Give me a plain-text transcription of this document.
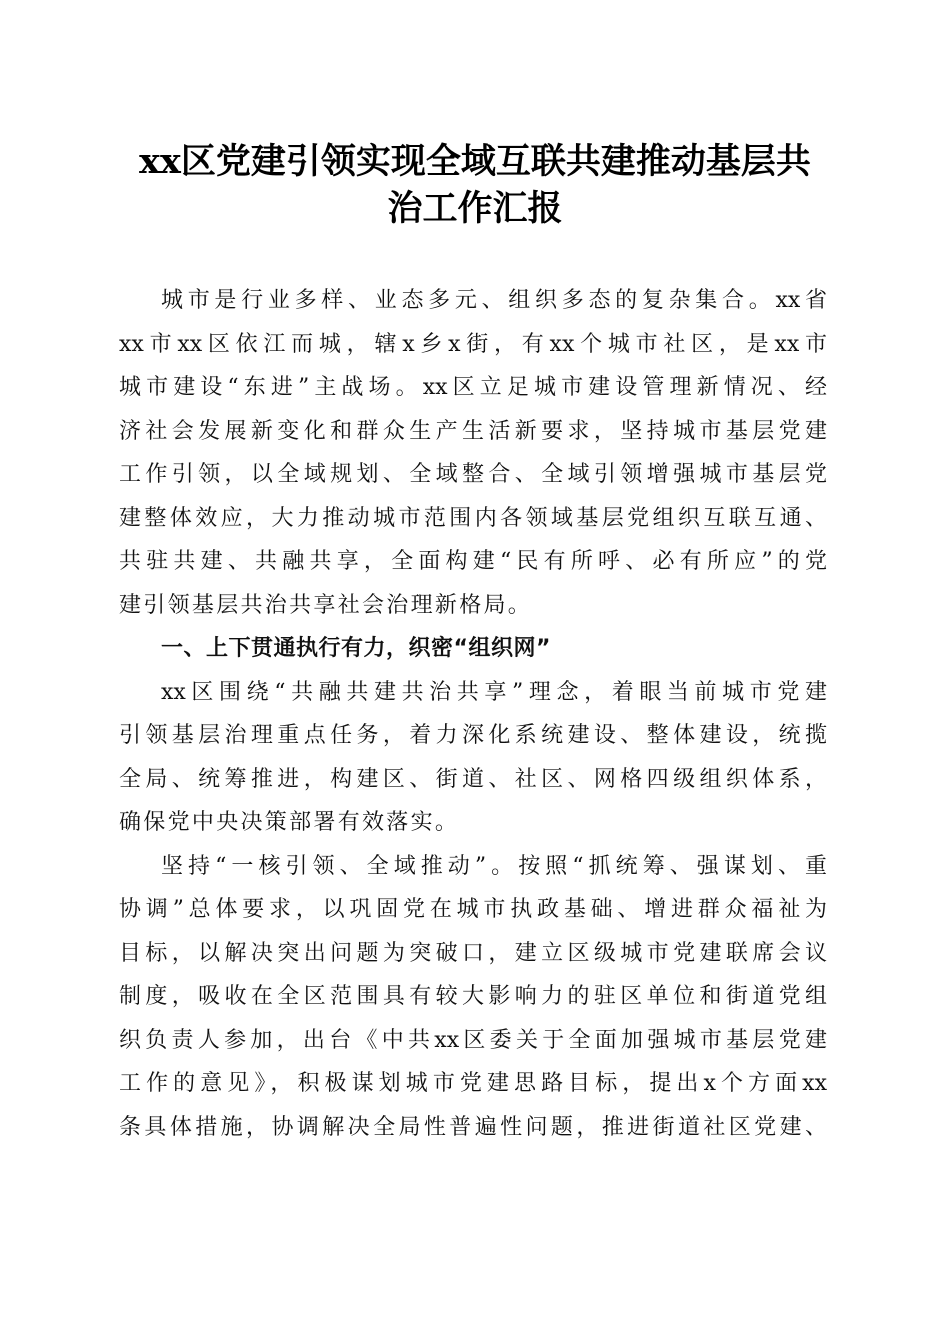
xx区党建引领实现全域互联共建推动基层共
治工作汇报
城市是行业多样、业态多元、组织多态的复杂集合。xx省
xx市xx区依江而城，辖x乡x街，有xx个城市社区，是xx市
城市建设“东进”主战场。xx区立足城市建设管理新情况、经
济社会发展新变化和群众生产生活新要求，坚持城市基层党建
工作引领，以全域规划、全域整合、全域引领增强城市基层党
建整体效应，大力推动城市范围内各领域基层党组织互联互通、
共驻共建、共融共享，全面构建“民有所呼、必有所应”的党
建引领基层共治共享社会治理新格局。
一、上下贯通执行有力，织密“组织网”
xx区围绕“共融共建共治共享”理念，着眼当前城市党建
引领基层治理重点任务，着力深化系统建设、整体建设，统揽
全局、统筹推进，构建区、街道、社区、网格四级组织体系，
确保党中央决策部署有效落实。
坚持“一核引领、全域推动”。按照“抓统筹、强谋划、重
协调”总体要求，以巩固党在城市执政基础、增进群众福祉为
目标，以解决突出问题为突破口，建立区级城市党建联席会议
制度，吸收在全区范围具有较大影响力的驻区单位和街道党组
织负责人参加，出台《中共xx区委关于全面加强城市基层党建
工作的意见》，积极谋划城市党建思路目标，提出x个方面xx
条具体措施，协调解决全局性普遍性问题，推进街道社区党建、
